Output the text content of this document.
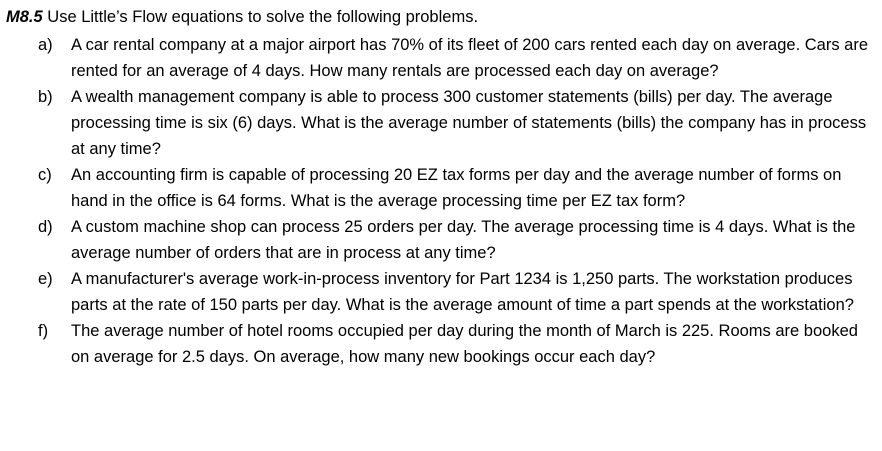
M8.5 Use Little’s Flow equations to solve the following problems.
a) A car rental company at a major airport has 70% of its fleet of 200 cars rented each day on average. Cars are rented for an average of 4 days. How many rentals are processed each day on average?
b) A wealth management company is able to process 300 customer statements (bills) per day. The average processing time is six (6) days. What is the average number of statements (bills) the company has in process at any time?
c) An accounting firm is capable of processing 20 EZ tax forms per day and the average number of forms on hand in the office is 64 forms. What is the average processing time per EZ tax form?
d) A custom machine shop can process 25 orders per day. The average processing time is 4 days. What is the average number of orders that are in process at any time?
e) A manufacturer's average work-in-process inventory for Part 1234 is 1,250 parts. The workstation produces parts at the rate of 150 parts per day. What is the average amount of time a part spends at the workstation?
f) The average number of hotel rooms occupied per day during the month of March is 225. Rooms are booked on average for 2.5 days. On average, how many new bookings occur each day?
